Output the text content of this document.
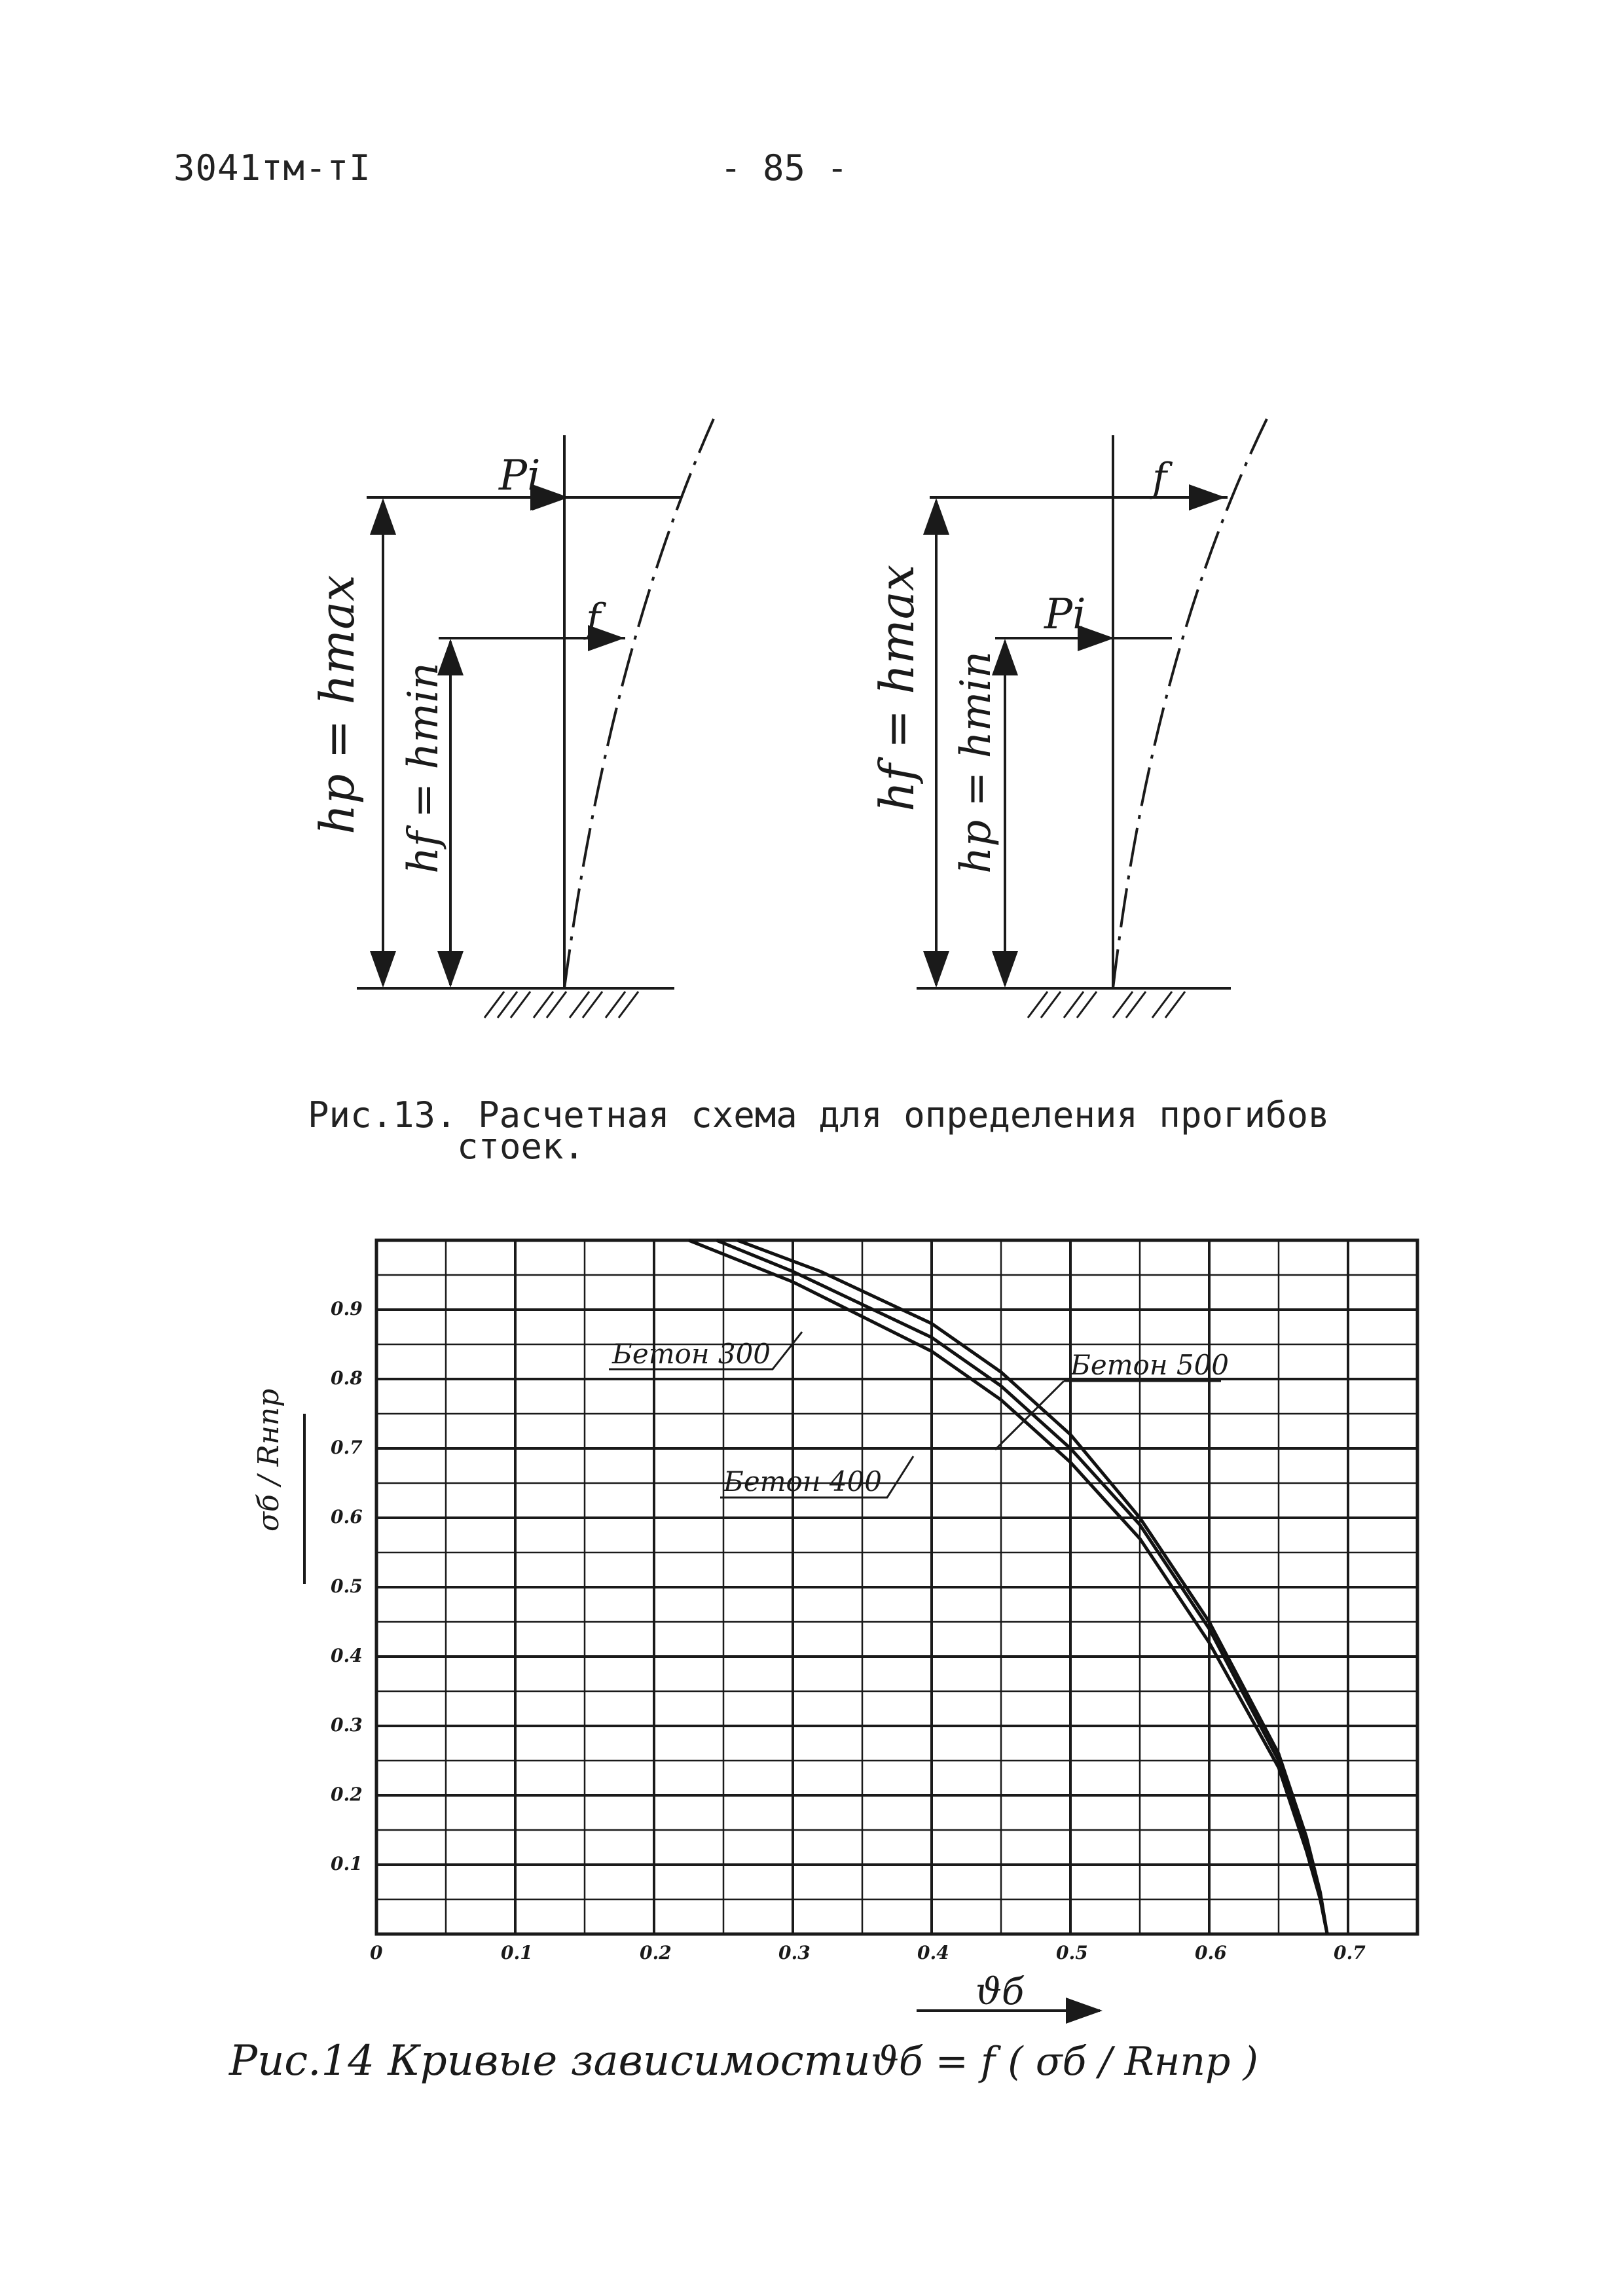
3041тм-тI	- 85 -
Pi
f
hp = hmax hf = hmin
Pi
f
hf = hmax hp = hmin
Рис.13. Расчетная схема для определения прогибов
стоек.
0	0.1	0.2	0.3	0.4	0.5	0.6	0.7
0.1
0.2
0.3
0.4
0.5
0.6
0.7
0.8
0.9
Бетон 300	Бетон 500
Бетон 400
σб / Rнпр
ϑб
Рис.14 Кривые зависимости ϑб = f ( σб / Rнпр )
